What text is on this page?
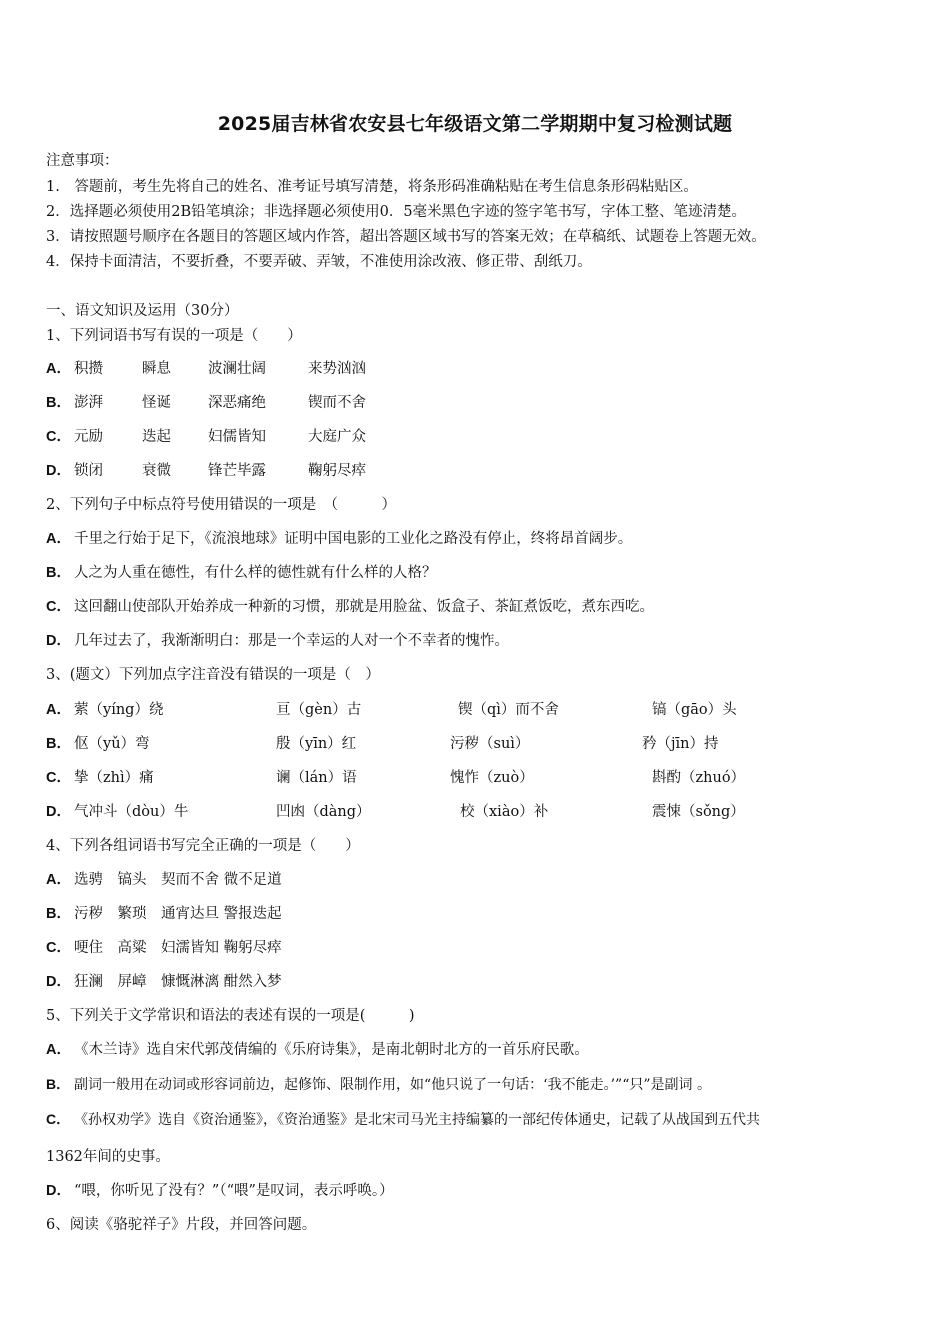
2025届吉林省农安县七年级语文第二学期期中复习检测试题
注意事项：
1.　答题前，考生先将自己的姓名、准考证号填写清楚，将条形码准确粘贴在考生信息条形码粘贴区。
2．选择题必须使用2B铅笔填涂；非选择题必须使用0．5毫米黑色字迹的签字笔书写，字体工整、笔迹清楚。
3．请按照题号顺序在各题目的答题区域内作答，超出答题区域书写的答案无效；在草稿纸、试题卷上答题无效。
4．保持卡面清洁，不要折叠，不要弄破、弄皱，不准使用涂改液、修正带、刮纸刀。
一、语文知识及运用（30分）
1、下列词语书写有误的一项是（　　）
A． 积攒	瞬息	波澜壮阔	来势汹汹
B． 澎湃	怪诞	深恶痛绝	锲而不舍
C． 元励	迭起	妇儒皆知	大庭广众
D． 锁闭	衰微	锋芒毕露	鞠躬尽瘁
2、下列句子中标点符号使用错误的一项是　（　　　）
A． 千里之行始于足下，《流浪地球》证明中国电影的工业化之路没有停止，终将昂首阔步。
B． 人之为人重在德性，有什么样的德性就有什么样的人格？
C． 这回翻山使部队开始养成一种新的习惯，那就是用脸盆、饭盒子、茶缸煮饭吃，煮东西吃。
D． 几年过去了，我渐渐明白：那是一个幸运的人对一个不幸者的愧怍。
3、(题文）下列加点字注音没有错误的一项是（　）
A． 萦（yíng）绕	亘（gèn）古	锲（qì）而不舍	镐（gāo）头
B． 伛（yǔ）弯	殷（yīn）红	污秽（suì）	矜（jīn）持
C． 挚（zhì）痛	谰（lán）语	愧怍（zuò）	斟酌（zhuó）
D． 气冲斗（dòu）牛	凹凼（dàng）	校（xiào）补	震悚（sǒng）
4、下列各组词语书写完全正确的一项是（　　）
A． 选骋　镐头　契而不舍 微不足道
B． 污秽　繁琐　通宵达旦 警报迭起
C． 哽住　高粱　妇濡皆知 鞠躬尽瘁
D． 狂澜　屏嶂　慷慨淋漓 酣然入梦
5、下列关于文学常识和语法的表述有误的一项是(　　　)
A． 《木兰诗》选自宋代郭茂倩编的《乐府诗集》，是南北朝时北方的一首乐府民歌。
B． 副词一般用在动词或形容词前边，起修饰、限制作用，如“他只说了一句话：‘我不能走。’”“只”是副词 。
C． 《孙权劝学》选自《资治通鉴》，《资治通鉴》是北宋司马光主持编纂的一部纪传体通史，记载了从战国到五代共
1362年间的史事。
D． “喂，你听见了没有？”（“喂”是叹词，表示呼唤。）
6、阅读《骆驼祥子》片段，并回答问题。
